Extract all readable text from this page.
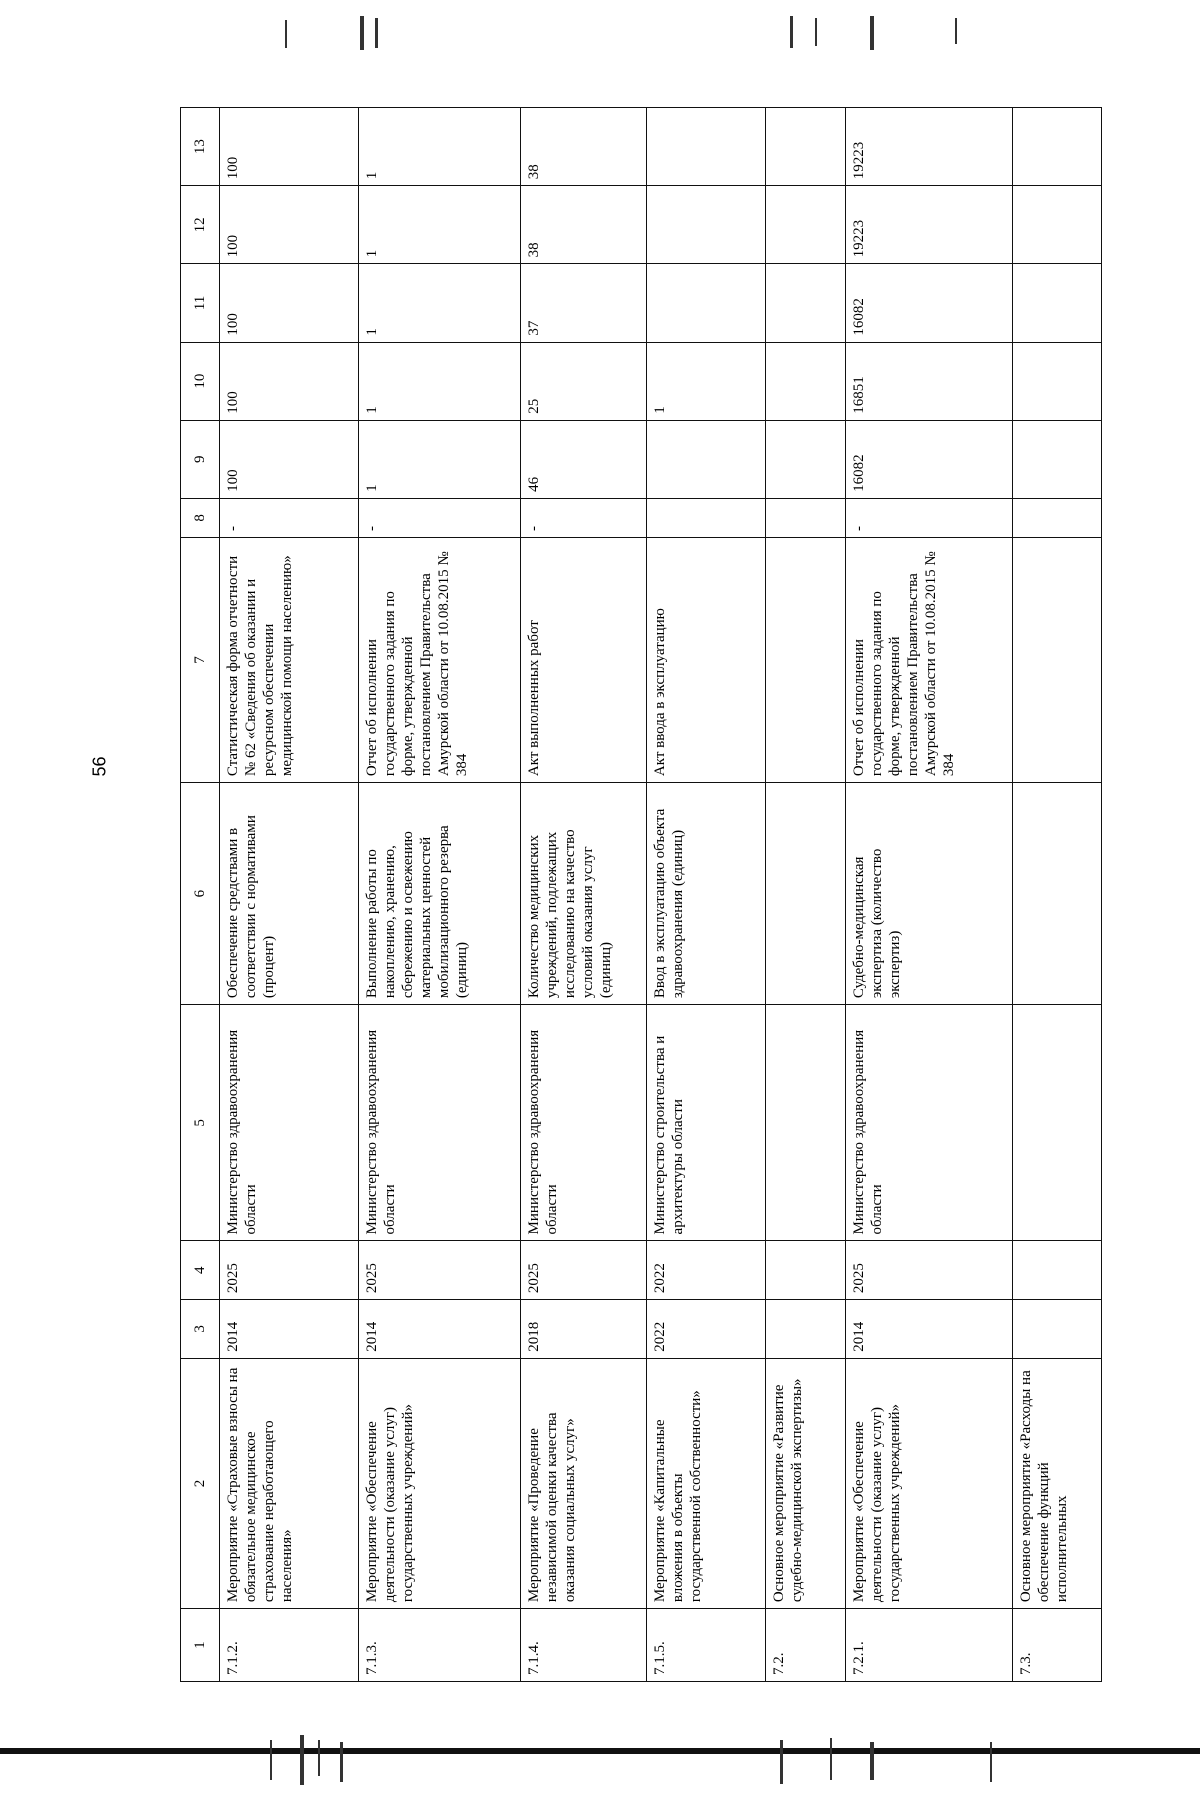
56
1	2	3	4	5	6	7	8	9	10	11	12	13
7.1.2.	Мероприятие «Страховые взносы на обязательное медицинское страхование неработающего населения»	2014	2025	Министерство здравоохранения области	Обеспечение средствами в соответствии с нормативами (процент)	Статистическая форма отчетности № 62 «Сведения об оказании и ресурсном обеспечении медицинской помощи населению»	-	100	100	100	100	100
7.1.3.	Мероприятие «Обеспечение деятельности (оказание услуг) государственных учреждений»	2014	2025	Министерство здравоохранения области	Выполнение работы по накоплению, хранению, сбережению и освежению материальных ценностей мобилизационного резерва (единиц)	Отчет об исполнении государственного задания по форме, утвержденной постановлением Правительства Амурской области от 10.08.2015 № 384	-	1	1	1	1	1
7.1.4.	Мероприятие «Проведение независимой оценки качества оказания социальных услуг»	2018	2025	Министерство здравоохранения области	Количество медицинских учреждений, подлежащих исследованию на качество условий оказания услуг (единиц)	Акт выполненных работ	-	46	25	37	38	38
7.1.5.	Мероприятие «Капитальные вложения в объекты государственной собственности»	2022	2022	Министерство строительства и архитектуры области	Ввод в эксплуатацию объекта здравоохранения (единиц)	Акт ввода в эксплуатацию			1			
7.2.	Основное мероприятие «Развитие судебно-медицинской экспертизы»											
7.2.1.	Мероприятие «Обеспечение деятельности (оказание услуг) государственных учреждений»	2014	2025	Министерство здравоохранения области	Судебно-медицинская экспертиза (количество экспертиз)	Отчет об исполнении государственного задания по форме, утвержденной постановлением Правительства Амурской области от 10.08.2015 № 384	-	16082	16851	16082	19223	19223
7.3.	Основное мероприятие «Расходы на обеспечение функций исполнительных											
